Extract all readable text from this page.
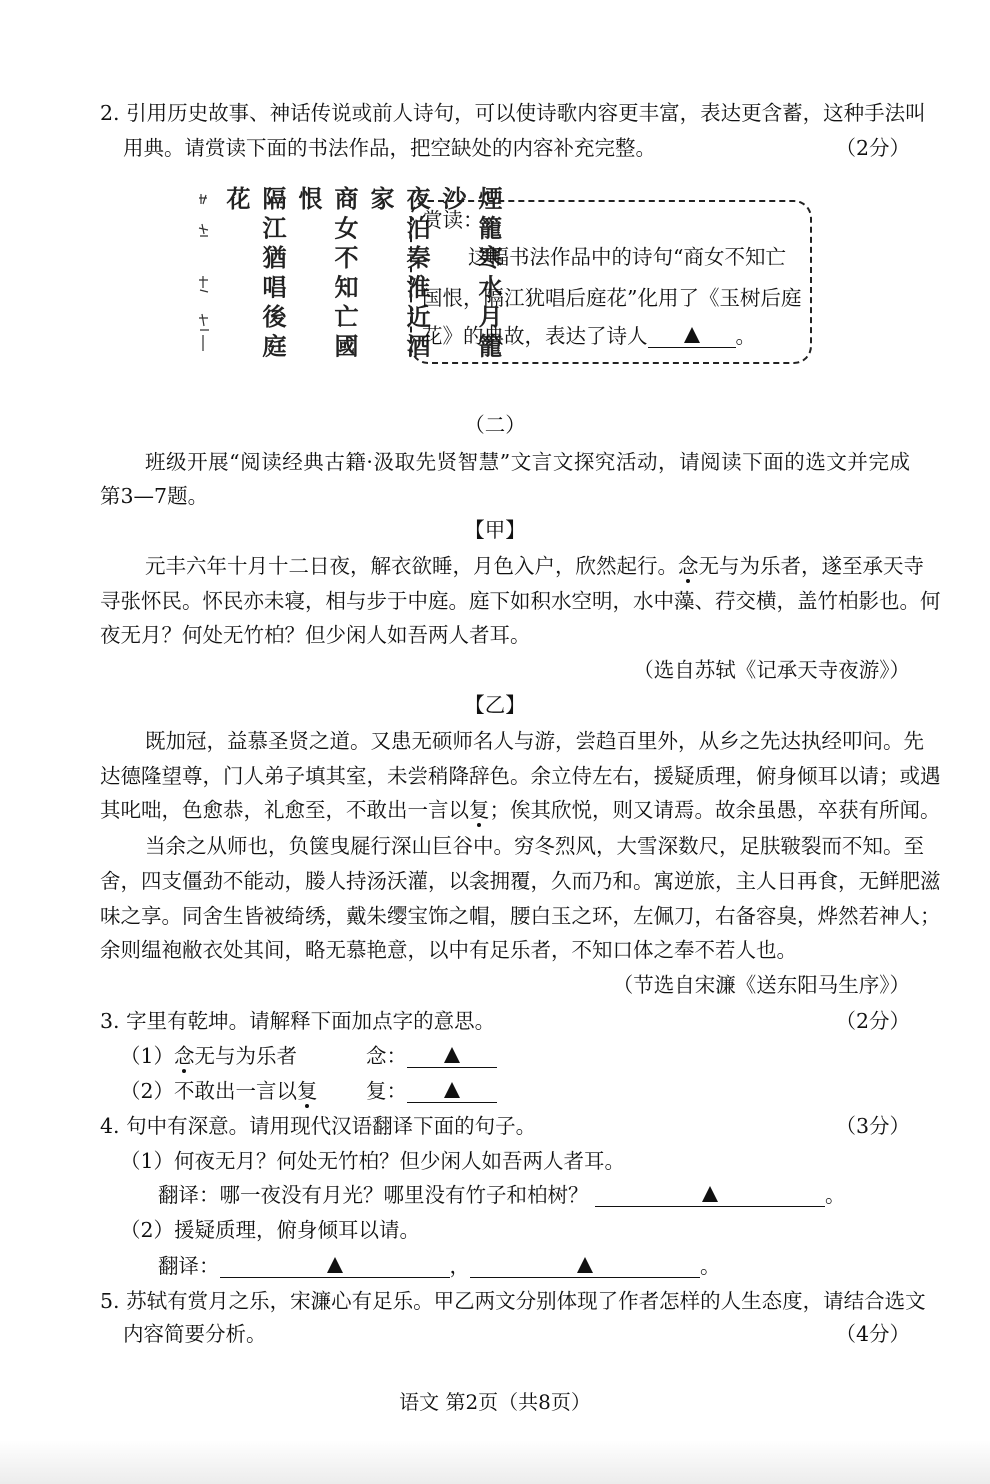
2. 引用历史故事、神话传说或前人诗句，可以使诗歌内容更丰富，表达更含蓄，这种手法叫
用典。请赏读下面的书法作品，把空缺处的内容补充完整。	（2分）
煙籠寒水月籠沙
夜泊秦淮近酒家
商女不知亡國恨
隔江猶唱後庭花
赏读：
这幅书法作品中的诗句“商女不知亡
国恨，隔江犹唱后庭花”化用了《玉树后庭
花》的典故，表达了诗人	。
（二）
班级开展“阅读经典古籍·汲取先贤智慧”文言文探究活动，请阅读下面的选文并完成
第3—7题。
【甲】
元丰六年十月十二日夜，解衣欲睡，月色入户，欣然起行。念无与为乐者，遂至承天寺
寻张怀民。怀民亦未寝，相与步于中庭。庭下如积水空明，水中藻、荇交横，盖竹柏影也。何
夜无月？何处无竹柏？但少闲人如吾两人者耳。
（选自苏轼《记承天寺夜游》）
【乙】
既加冠，益慕圣贤之道。又患无硕师名人与游，尝趋百里外，从乡之先达执经叩问。先
达德隆望尊，门人弟子填其室，未尝稍降辞色。余立侍左右，援疑质理，俯身倾耳以请；或遇
其叱咄，色愈恭，礼愈至，不敢出一言以复；俟其欣悦，则又请焉。故余虽愚，卒获有所闻。
当余之从师也，负箧曳屣行深山巨谷中。穷冬烈风，大雪深数尺，足肤皲裂而不知。至
舍，四支僵劲不能动，媵人持汤沃灌，以衾拥覆，久而乃和。寓逆旅，主人日再食，无鲜肥滋
味之享。同舍生皆被绮绣，戴朱缨宝饰之帽，腰白玉之环，左佩刀，右备容臭，烨然若神人；
余则缊袍敝衣处其间，略无慕艳意，以中有足乐者，不知口体之奉不若人也。
（节选自宋濂《送东阳马生序》）
3. 字里有乾坤。请解释下面加点字的意思。	（2分）
（1）念无与为乐者	念：
（2）不敢出一言以复 复：
4. 句中有深意。请用现代汉语翻译下面的句子。	（3分）
（1）何夜无月？何处无竹柏？但少闲人如吾两人者耳。
翻译：哪一夜没有月光？哪里没有竹子和柏树？	。
（2）援疑质理，俯身倾耳以请。
翻译：	，	。
5. 苏轼有赏月之乐，宋濂心有足乐。甲乙两文分别体现了作者怎样的人生态度，请结合选文
内容简要分析。	（4分）
语文 第2页（共8页）
